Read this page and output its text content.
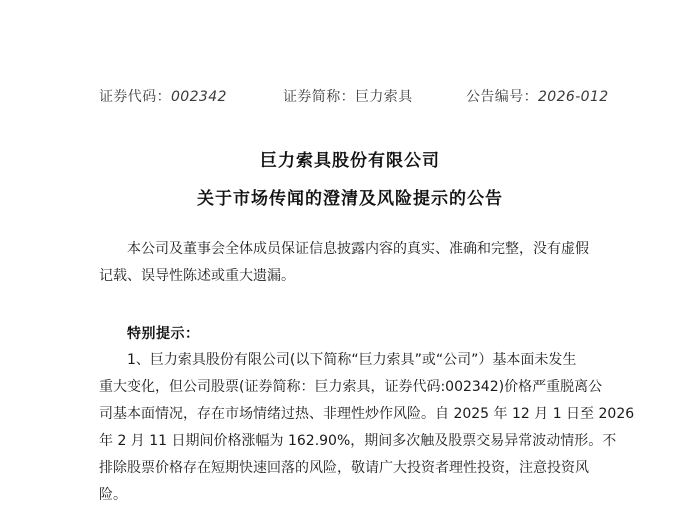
证券代码：002342	证券简称：巨力索具	公告编号：2026-012
巨力索具股份有限公司
关于市场传闻的澄清及风险提示的公告
本公司及董事会全体成员保证信息披露内容的真实、准确和完整，没有虚假
记载、误导性陈述或重大遗漏。
特别提示：
1、巨力索具股份有限公司(以下简称“巨力索具”或“公司”）基本面未发生
重大变化，但公司股票(证券简称：巨力索具，证券代码:002342)价格严重脱离公
司基本面情况，存在市场情绪过热、非理性炒作风险。自 2025 年 12 月 1 日至 2026
年 2 月 11 日期间价格涨幅为 162.90%，期间多次触及股票交易异常波动情形。不
排除股票价格存在短期快速回落的风险，敬请广大投资者理性投资，注意投资风
险。
